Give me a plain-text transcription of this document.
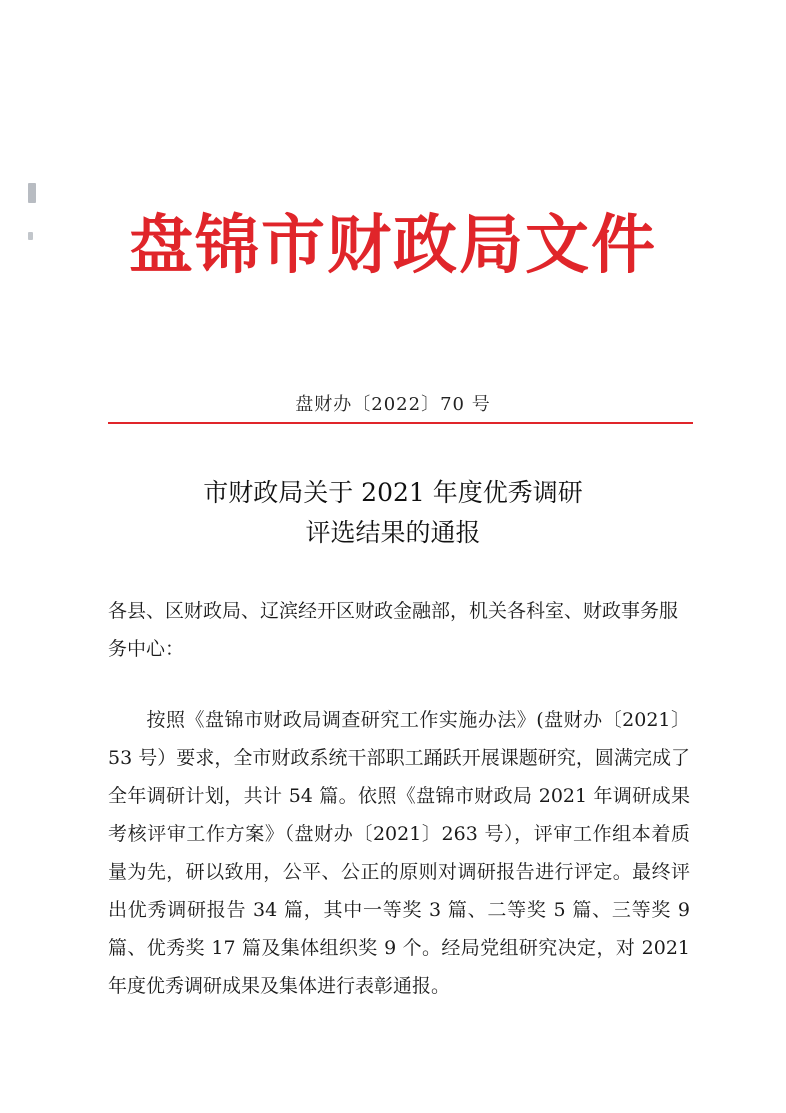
盘锦市财政局文件
盘财办〔2022〕70 号
市财政局关于 2021 年度优秀调研
评选结果的通报
各县、区财政局、辽滨经开区财政金融部，机关各科室、财政事务服务中心：
按照《盘锦市财政局调查研究工作实施办法》(盘财办〔2021〕53 号）要求，全市财政系统干部职工踊跃开展课题研究，圆满完成了全年调研计划，共计 54 篇。依照《盘锦市财政局 2021 年调研成果考核评审工作方案》（盘财办〔2021〕263 号），评审工作组本着质量为先，研以致用，公平、公正的原则对调研报告进行评定。最终评出优秀调研报告 34 篇，其中一等奖 3 篇、二等奖 5 篇、三等奖 9 篇、优秀奖 17 篇及集体组织奖 9 个。经局党组研究决定，对 2021 年度优秀调研成果及集体进行表彰通报。
